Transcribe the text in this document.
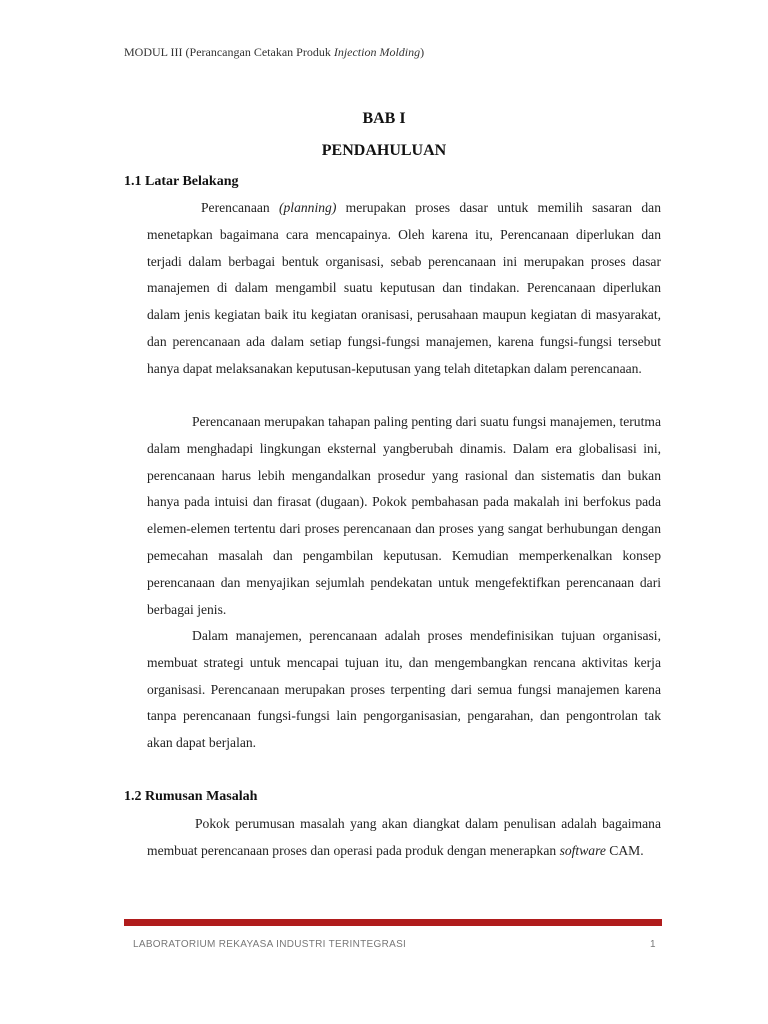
MODUL III (Perancangan Cetakan Produk Injection Molding)
BAB I
PENDAHULUAN
1.1 Latar Belakang
Perencanaan (planning) merupakan proses dasar untuk memilih sasaran dan menetapkan bagaimana cara mencapainya. Oleh karena itu, Perencanaan diperlukan dan terjadi dalam berbagai bentuk organisasi, sebab perencanaan ini merupakan proses dasar manajemen di dalam mengambil suatu keputusan dan tindakan. Perencanaan diperlukan dalam jenis kegiatan baik itu kegiatan oranisasi, perusahaan maupun kegiatan di masyarakat, dan perencanaan ada dalam setiap fungsi-fungsi manajemen, karena fungsi-fungsi tersebut hanya dapat melaksanakan keputusan-keputusan yang telah ditetapkan dalam perencanaan.
Perencanaan merupakan tahapan paling penting dari suatu fungsi manajemen, terutma dalam menghadapi lingkungan eksternal yangberubah dinamis. Dalam era globalisasi ini, perencanaan harus lebih mengandalkan prosedur yang rasional dan sistematis dan bukan hanya pada intuisi dan firasat (dugaan). Pokok pembahasan pada makalah ini berfokus pada elemen-elemen tertentu dari proses perencanaan dan proses yang sangat berhubungan dengan pemecahan masalah dan pengambilan keputusan. Kemudian memperkenalkan konsep perencanaan dan menyajikan sejumlah pendekatan untuk mengefektifkan perencanaan dari berbagai jenis.
Dalam manajemen, perencanaan adalah proses mendefinisikan tujuan organisasi, membuat strategi untuk mencapai tujuan itu, dan mengembangkan rencana aktivitas kerja organisasi. Perencanaan merupakan proses terpenting dari semua fungsi manajemen karena tanpa perencanaan fungsi-fungsi lain pengorganisasian, pengarahan, dan pengontrolan tak akan dapat berjalan.
1.2 Rumusan Masalah
Pokok perumusan masalah yang akan diangkat dalam penulisan adalah bagaimana membuat perencanaan proses dan operasi pada produk dengan menerapkan software CAM.
LABORATORIUM REKAYASA INDUSTRI TERINTEGRASI	1
